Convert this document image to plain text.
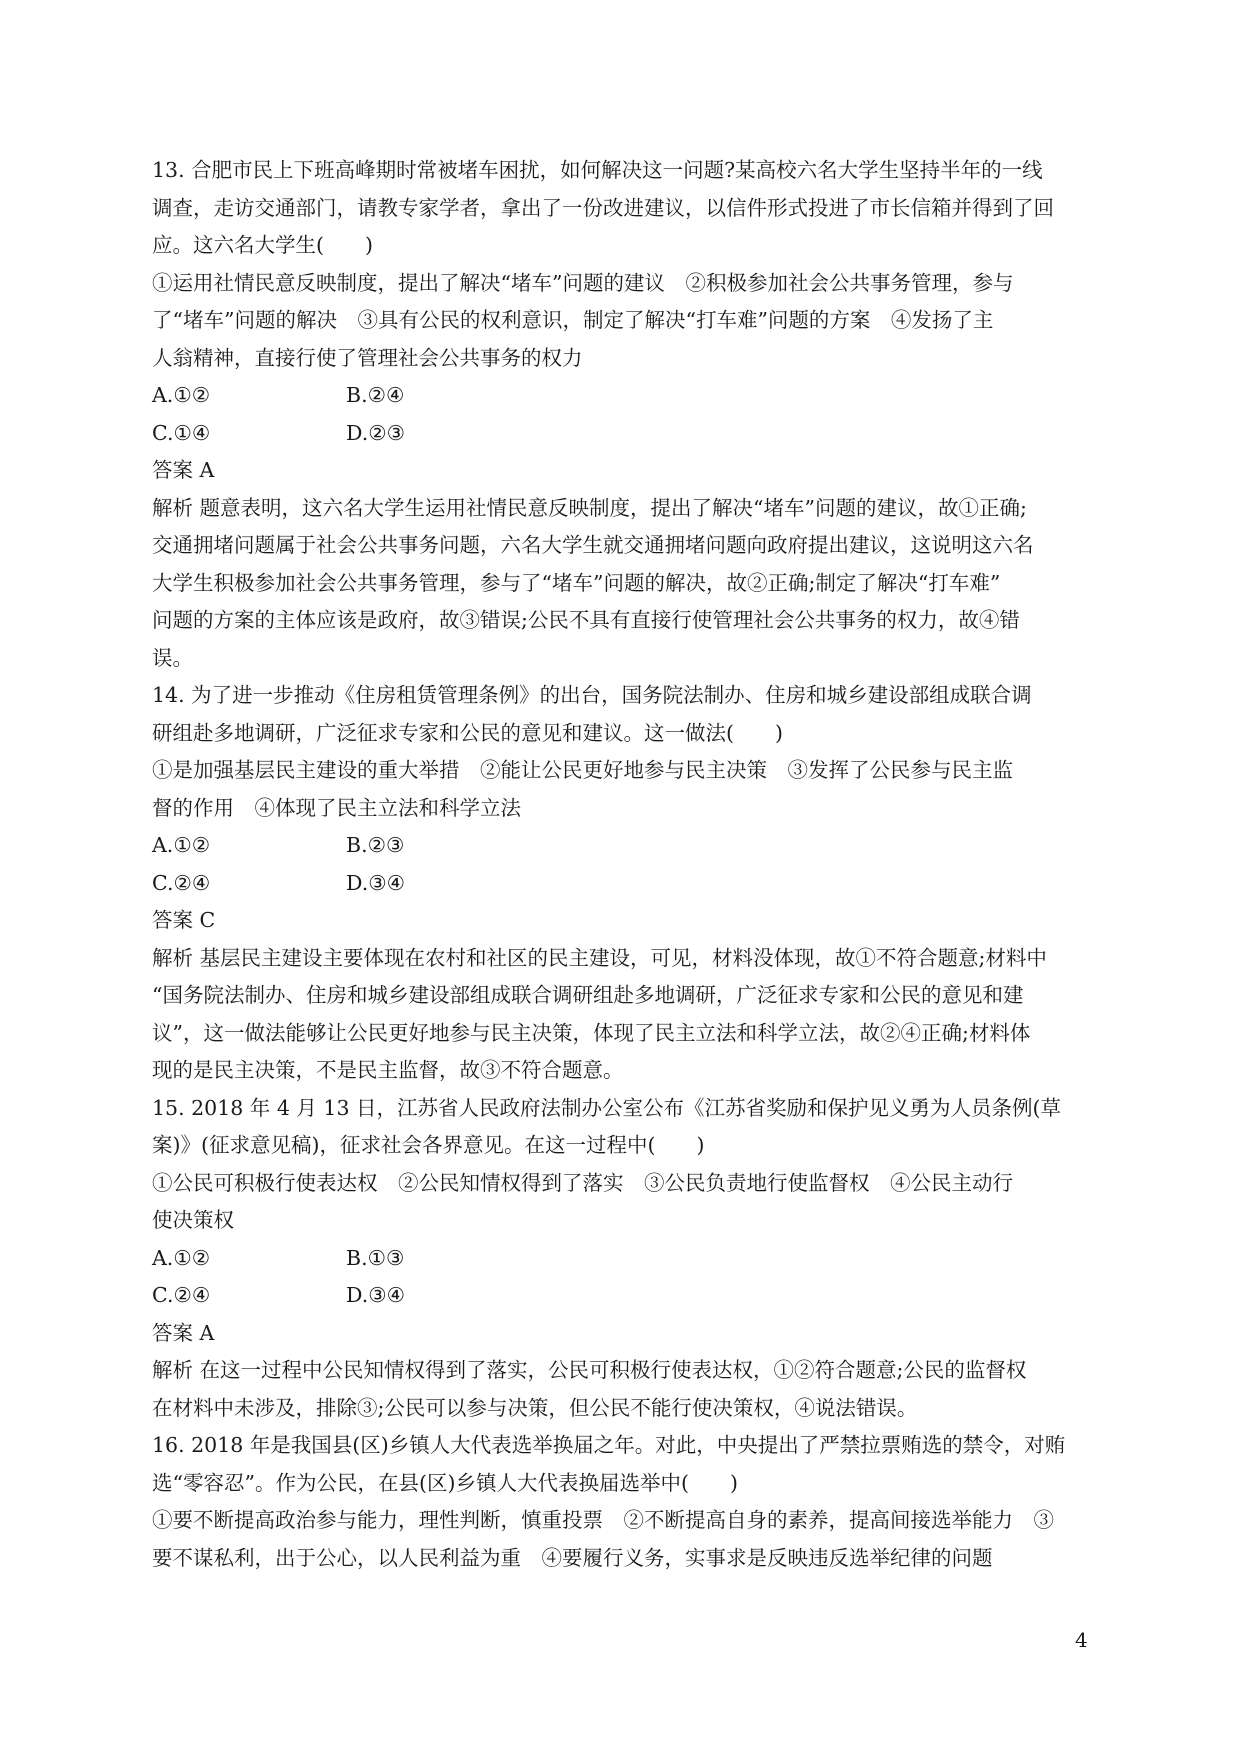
13. 合肥市民上下班高峰期时常被堵车困扰，如何解决这一问题?某高校六名大学生坚持半年的一线
调查，走访交通部门，请教专家学者，拿出了一份改进建议，以信件形式投进了市长信箱并得到了回
应。这六名大学生(　　)
①运用社情民意反映制度，提出了解决“堵车”问题的建议　②积极参加社会公共事务管理，参与
了“堵车”问题的解决　③具有公民的权利意识，制定了解决“打车难”问题的方案　④发扬了主
人翁精神，直接行使了管理社会公共事务的权力
A.①②	B.②④
C.①④	D.②③
答案 A
解析 题意表明，这六名大学生运用社情民意反映制度，提出了解决“堵车”问题的建议，故①正确;
交通拥堵问题属于社会公共事务问题，六名大学生就交通拥堵问题向政府提出建议，这说明这六名
大学生积极参加社会公共事务管理，参与了“堵车”问题的解决，故②正确;制定了解决“打车难”
问题的方案的主体应该是政府，故③错误;公民不具有直接行使管理社会公共事务的权力，故④错
误。
14. 为了进一步推动《住房租赁管理条例》的出台，国务院法制办、住房和城乡建设部组成联合调
研组赴多地调研，广泛征求专家和公民的意见和建议。这一做法(　　)
①是加强基层民主建设的重大举措　②能让公民更好地参与民主决策　③发挥了公民参与民主监
督的作用　④体现了民主立法和科学立法
A.①②	B.②③
C.②④	D.③④
答案 C
解析 基层民主建设主要体现在农村和社区的民主建设，可见，材料没体现，故①不符合题意;材料中
“国务院法制办、住房和城乡建设部组成联合调研组赴多地调研，广泛征求专家和公民的意见和建
议”，这一做法能够让公民更好地参与民主决策，体现了民主立法和科学立法，故②④正确;材料体
现的是民主决策，不是民主监督，故③不符合题意。
15. 2018 年 4 月 13 日，江苏省人民政府法制办公室公布《江苏省奖励和保护见义勇为人员条例(草
案)》(征求意见稿)，征求社会各界意见。在这一过程中(　　)
①公民可积极行使表达权　②公民知情权得到了落实　③公民负责地行使监督权　④公民主动行
使决策权
A.①②	B.①③
C.②④	D.③④
答案 A
解析 在这一过程中公民知情权得到了落实，公民可积极行使表达权，①②符合题意;公民的监督权
在材料中未涉及，排除③;公民可以参与决策，但公民不能行使决策权，④说法错误。
16. 2018 年是我国县(区)乡镇人大代表选举换届之年。对此，中央提出了严禁拉票贿选的禁令，对贿
选“零容忍”。作为公民，在县(区)乡镇人大代表换届选举中(　　)
①要不断提高政治参与能力，理性判断，慎重投票　②不断提高自身的素养，提高间接选举能力　③
要不谋私利，出于公心，以人民利益为重　④要履行义务，实事求是反映违反选举纪律的问题
4
